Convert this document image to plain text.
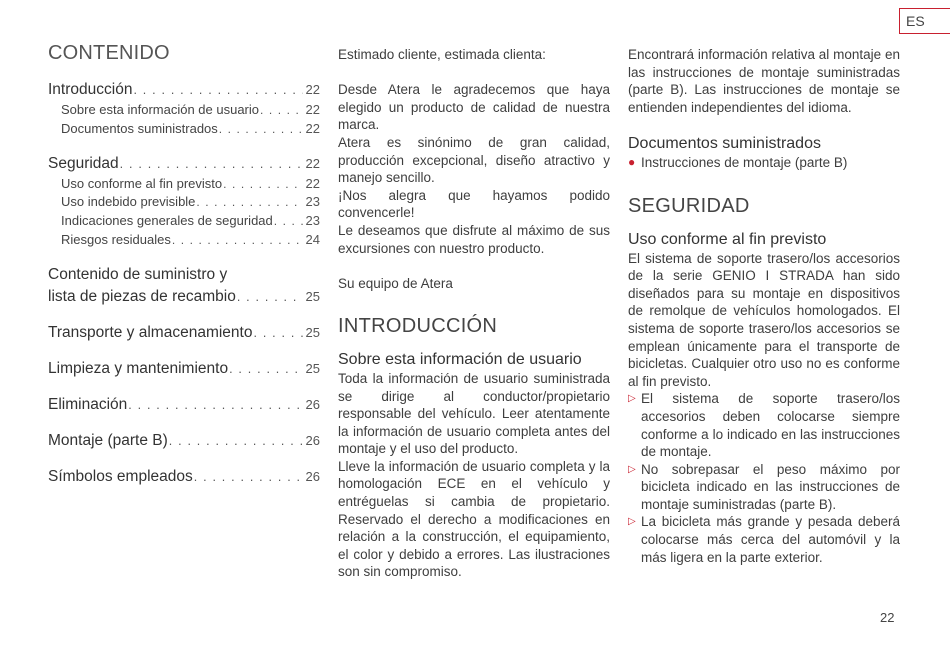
ES
CONTENIDO
Introducción . . .	22
Sobre esta información de usuario . . .	22
Documentos suministrados . . .	22
Seguridad . . .	22
Uso conforme al fin previsto . . .	22
Uso indebido previsible . . .	23
Indicaciones generales de seguridad . . .	23
Riesgos residuales . . .	24
Contenido de suministro y
lista de piezas de recambio . . .	25
Transporte y almacenamiento . . .	25
Limpieza y mantenimiento . . .	25
Eliminación . . .	26
Montaje (parte B) . . .	26
Símbolos empleados . . .	26

Estimado cliente, estimada clienta:

Desde Atera le agradecemos que haya elegido un producto de calidad de nuestra marca.

Atera es sinónimo de gran calidad, producción excepcional, diseño atractivo y manejo sencillo.

¡Nos alegra que hayamos podido convencerle!

Le deseamos que disfrute al máximo de sus excursiones con nuestro producto.

Su equipo de Atera

INTRODUCCIÓN
Sobre esta información de usuario

Toda la información de usuario suministrada se dirige al conductor/propietario responsable del vehículo. Leer atentamente la información de usuario completa antes del montaje y el uso del producto.

Lleve la información de usuario completa y la homologación ECE en el vehículo y entréguelas si cambia de propietario. Reservado el derecho a modificaciones en relación a la construcción, el equipamiento, el color y debido a errores. Las ilustraciones son sin compromiso.

Encontrará información relativa al montaje en las instrucciones de montaje suministradas (parte B). Las instrucciones de montaje se entienden independientes del idioma.

Documentos suministrados
● Instrucciones de montaje (parte B)
SEGURIDAD
Uso conforme al fin previsto

El sistema de soporte trasero/los accesorios de la serie GENIO I STRADA han sido diseñados para su montaje en dispositivos de remolque de vehículos homologados. El sistema de soporte trasero/los accesorios se emplean únicamente para el transporte de bicicletas. Cualquier otro uso no es conforme al fin previsto.

▷ El sistema de soporte trasero/los accesorios deben colocarse siempre conforme a lo indicado en las instrucciones de montaje.
▷ No sobrepasar el peso máximo por bicicleta indicado en las instrucciones de montaje suministradas (parte B).
▷ La bicicleta más grande y pesada deberá colocarse más cerca del automóvil y la más ligera en la parte exterior.
22
